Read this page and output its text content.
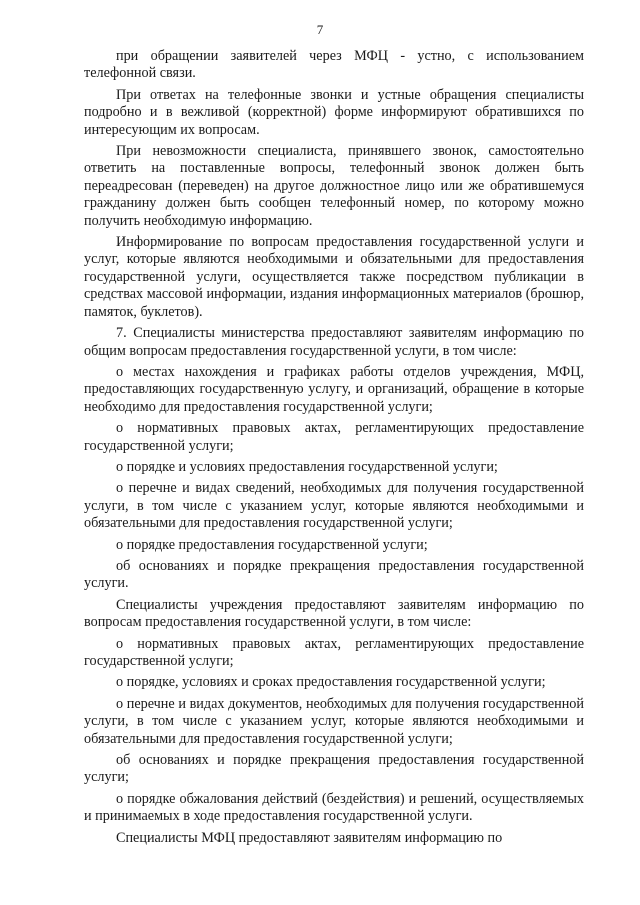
7

при обращении заявителей через МФЦ - устно, с использованием телефонной связи.

При ответах на телефонные звонки и устные обращения специалисты подробно и в вежливой (корректной) форме информируют обратившихся по интересующим их вопросам.

При невозможности специалиста, принявшего звонок, самостоятельно ответить на поставленные вопросы, телефонный звонок должен быть переадресован (переведен) на другое должностное лицо или же обратившемуся гражданину должен быть сообщен телефонный номер, по которому можно получить необходимую информацию.

Информирование по вопросам предоставления государственной услуги и услуг, которые являются необходимыми и обязательными для предоставления государственной услуги, осуществляется также посредством публикации в средствах массовой информации, издания информационных материалов (брошюр, памяток, буклетов).

7. Специалисты министерства предоставляют заявителям информацию по общим вопросам предоставления государственной услуги, в том числе:

о местах нахождения и графиках работы отделов учреждения, МФЦ, предоставляющих государственную услугу, и организаций, обращение в которые необходимо для предоставления государственной услуги;

о нормативных правовых актах, регламентирующих предоставление государственной услуги;

о порядке и условиях предоставления государственной услуги;

о перечне и видах сведений, необходимых для получения государственной услуги, в том числе с указанием услуг, которые являются необходимыми и обязательными для предоставления государственной услуги;

о порядке предоставления государственной услуги;

об основаниях и порядке прекращения предоставления государственной услуги.

Специалисты учреждения предоставляют заявителям информацию по вопросам предоставления государственной услуги, в том числе:

о нормативных правовых актах, регламентирующих предоставление государственной услуги;

о порядке, условиях и сроках предоставления государственной услуги;

о перечне и видах документов, необходимых для получения государственной услуги, в том числе с указанием услуг, которые являются необходимыми и обязательными для предоставления государственной услуги;

об основаниях и порядке прекращения предоставления государственной услуги;

о порядке обжалования действий (бездействия) и решений, осуществляемых и принимаемых в ходе предоставления государственной услуги.

Специалисты МФЦ предоставляют заявителям информацию по
